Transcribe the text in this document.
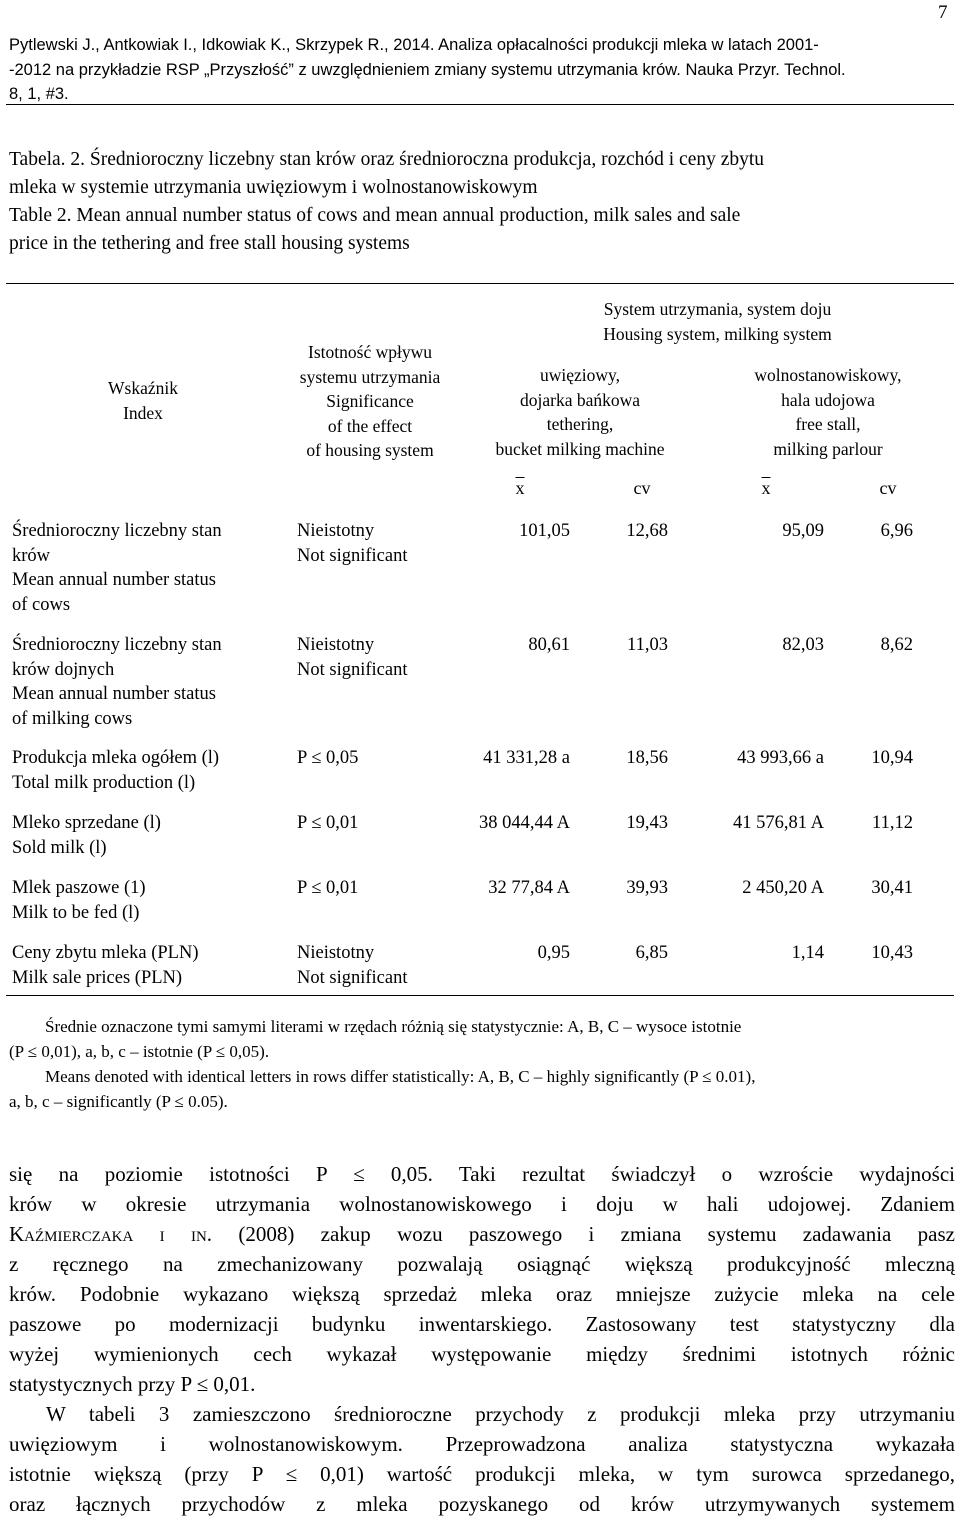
7
Pytlewski J., Antkowiak I., Idkowiak K., Skrzypek R., 2014. Analiza opłacalności produkcji mleka w latach 2001-
-2012 na przykładzie RSP „Przyszłość” z uwzględnieniem zmiany systemu utrzymania krów. Nauka Przyr. Technol.
8, 1, #3.
Tabela. 2. Średnioroczny liczebny stan krów oraz średnioroczna produkcja, rozchód i ceny zbytu
mleka w systemie utrzymania uwięziowym i wolnostanowiskowym
Table 2. Mean annual number status of cows and mean annual production, milk sales and sale
price in the tethering and free stall housing systems
Wskaźnik
Index
Istotność wpływu
systemu utrzymania
Significance
of the effect
of housing system
System utrzymania, system doju
Housing system, milking system
uwięziowy,
dojarka bańkowa
tethering,
bucket milking machine
wolnostanowiskowy,
hala udojowa
free stall,
milking parlour
$\overline{x}$	cv	$\overline{x}$	cv
Średnioroczny liczebny stan
krów
Mean annual number status
of cows
Nieistotny
Not significant
101,05	12,68	95,09	6,96
Średnioroczny liczebny stan
krów dojnych
Mean annual number status
of milking cows
Nieistotny
Not significant
80,61	11,03	82,03	8,62
Produkcja mleka ogółem (l)
Total milk production (l)
P ≤ 0,05	41 331,28 a	18,56	43 993,66 a	10,94
Mleko sprzedane (l)
Sold milk (l)
P ≤ 0,01	38 044,44 A	19,43	41 576,81 A	11,12
Mlek paszowe (1)
Milk to be fed (l)
P ≤ 0,01	32 77,84 A	39,93	2 450,20 A	30,41
Ceny zbytu mleka (PLN)
Milk sale prices (PLN)
Nieistotny
Not significant
0,95	6,85	1,14	10,43
Średnie oznaczone tymi samymi literami w rzędach różnią się statystycznie: A, B, C – wysoce istotnie
(P ≤ 0,01), a, b, c – istotnie (P ≤ 0,05).
Means denoted with identical letters in rows differ statistically: A, B, C – highly significantly (P ≤ 0.01),
a, b, c – significantly (P ≤ 0.05).
się na poziomie istotności P ≤ 0,05. Taki rezultat świadczył o wzroście wydajności
krów w okresie utrzymania wolnostanowiskowego i doju w hali udojowej. Zdaniem
Kaźmierczaka i in. (2008) zakup wozu paszowego i zmiana systemu zadawania pasz
z ręcznego na zmechanizowany pozwalają osiągnąć większą produkcyjność mleczną
krów. Podobnie wykazano większą sprzedaż mleka oraz mniejsze zużycie mleka na cele
paszowe po modernizacji budynku inwentarskiego. Zastosowany test statystyczny dla
wyżej wymienionych cech wykazał występowanie między średnimi istotnych różnic
statystycznych przy P ≤ 0,01.
W tabeli 3 zamieszczono średnioroczne przychody z produkcji mleka przy utrzymaniu
uwięziowym i wolnostanowiskowym. Przeprowadzona analiza statystyczna wykazała
istotnie większą (przy P ≤ 0,01) wartość produkcji mleka, w tym surowca sprzedanego,
oraz łącznych przychodów z mleka pozyskanego od krów utrzymywanych systemem
